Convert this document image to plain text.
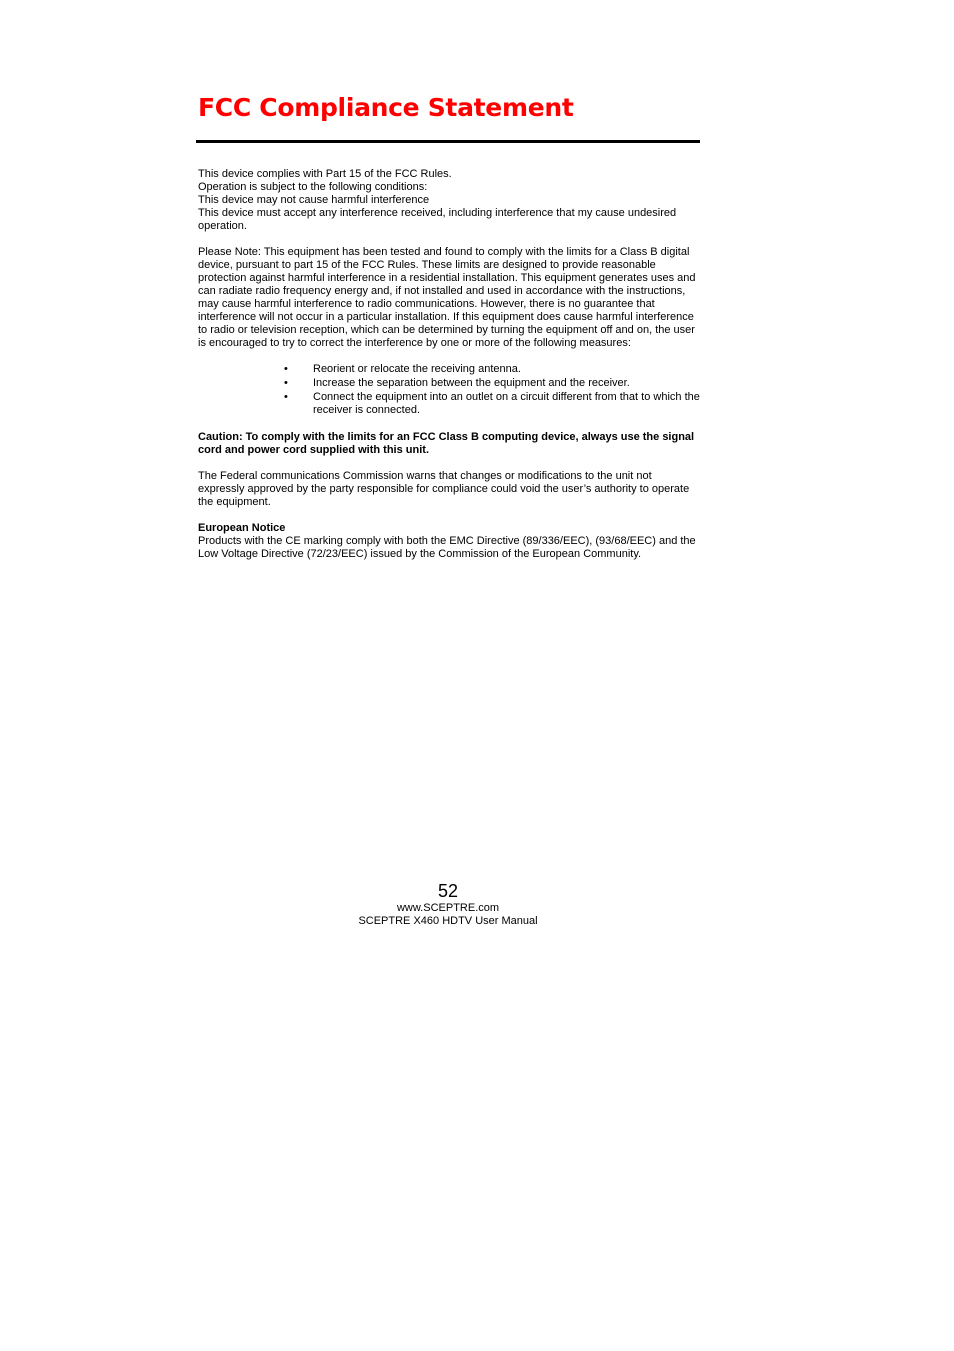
FCC Compliance Statement

This device complies with Part 15 of the FCC Rules.

Operation is subject to the following conditions:

This device may not cause harmful interference

This device must accept any interference received, including interference that my cause undesired operation.

Please Note: This equipment has been tested and found to comply with the limits for a Class B digital device, pursuant to part 15 of the FCC Rules. These limits are designed to provide reasonable protection against harmful interference in a residential installation. This equipment generates uses and can radiate radio frequency energy and, if not installed and used in accordance with the instructions, may cause harmful interference to radio communications. However, there is no guarantee that interference will not occur in a particular installation. If this equipment does cause harmful interference to radio or television reception, which can be determined by turning the equipment off and on, the user is encouraged to try to correct the interference by one or more of the following measures:

• Reorient or relocate the receiving antenna.
• Increase the separation between the equipment and the receiver.
• Connect the equipment into an outlet on a circuit different from that to which the receiver is connected.

Caution: To comply with the limits for an FCC Class B computing device, always use the signal cord and power cord supplied with this unit.

The Federal communications Commission warns that changes or modifications to the unit not expressly approved by the party responsible for compliance could void the user’s authority to operate the equipment.

European Notice

Products with the CE marking comply with both the EMC Directive (89/336/EEC), (93/68/EEC) and the Low Voltage Directive (72/23/EEC) issued by the Commission of the European Community.

52

www.SCEPTRE.com

SCEPTRE X460 HDTV User Manual
